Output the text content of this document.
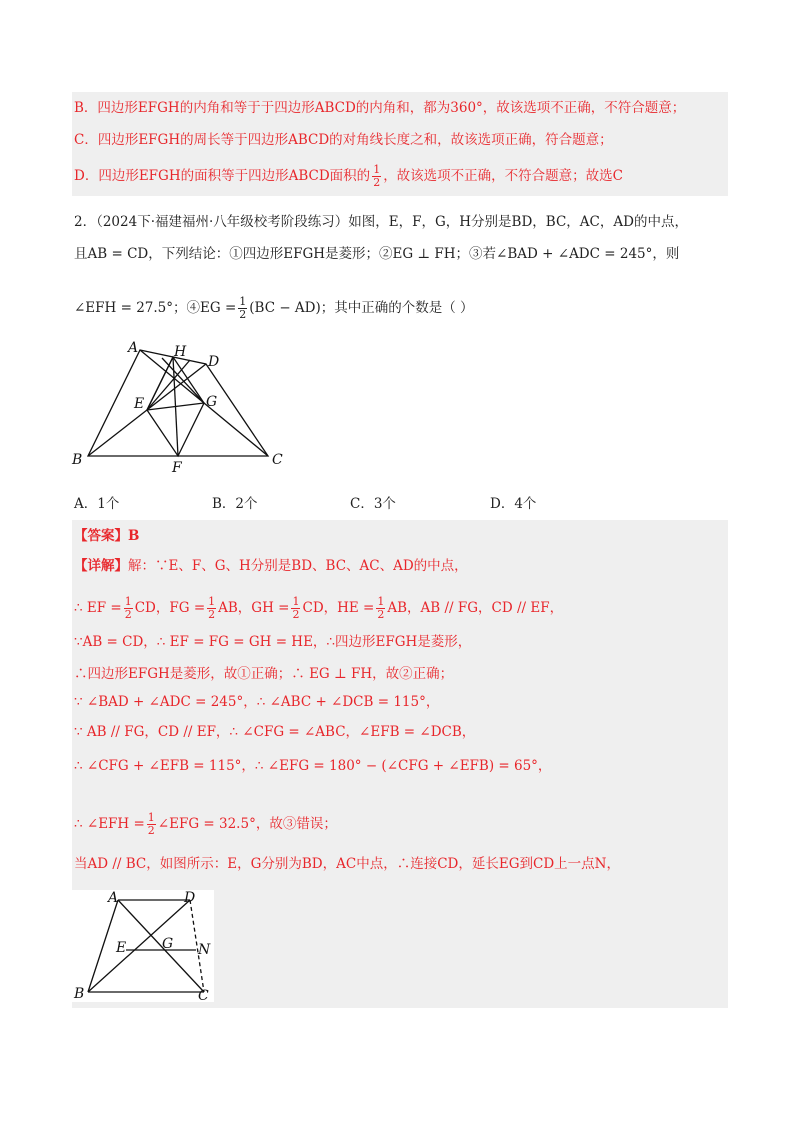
B．四边形EFGH的内角和等于于四边形ABCD的内角和，都为360°，故该选项不正确，不符合题意；
C．四边形EFGH的周长等于四边形ABCD的对角线长度之和，故该选项正确，符合题意；
D．四边形EFGH的面积等于四边形ABCD面积的 $\frac{1}{2}$ ，故该选项不正确，不符合题意；故选C
2．（2024下·福建福州·八年级校考阶段练习）如图，E，F，G，H分别是BD，BC，AC，AD的中点，
且AB = CD，下列结论：①四边形EFGH是菱形；②EG ⊥ FH；③若∠BAD + ∠ADC = 245°，则
∠EFH = 27.5°；④EG = $\frac{1}{2} (BC - AD)$；其中正确的个数是（ ）
A	H
D
E	G
B	F	C
A．1个	B．2个	C．3个	D．4个
【答案】B
【详解】解：∵E、F、G、H分别是BD、BC、AC、AD的中点，
∴ EF = $\frac{1}{2}$ CD，FG = $\frac{1}{2}$ AB，GH = $\frac{1}{2}$ CD，HE = $\frac{1}{2}$ AB，AB // FG，CD // EF，
∵AB = CD，∴ EF = FG = GH = HE，∴四边形EFGH是菱形，
∴四边形EFGH是菱形，故①正确；∴ EG ⊥ FH，故②正确；
∵ ∠BAD + ∠ADC = 245°，∴ ∠ABC + ∠DCB = 115°，
∵ AB // FG，CD // EF，∴ ∠CFG = ∠ABC，∠EFB = ∠DCB，
∴ ∠CFG + ∠EFB = 115°，∴ ∠EFG = 180° − (∠CFG + ∠EFB) = 65°，
∴ ∠EFH = $\frac{1}{2}$ ∠EFG = 32.5°，故③错误；
当AD // BC，如图所示：E，G分别为BD，AC中点，∴连接CD，延长EG到CD上一点N，
A	D
E	G N
B	C
